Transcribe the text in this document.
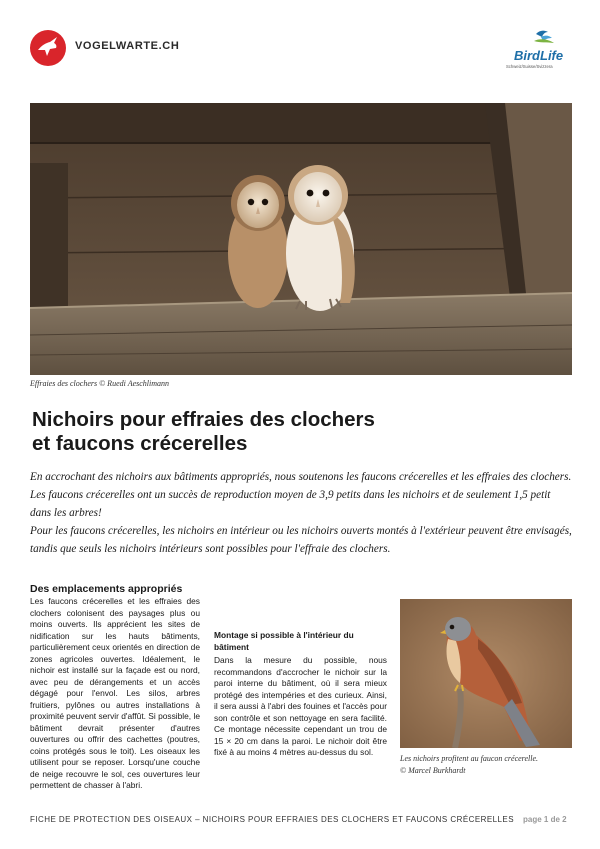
VOGELWARTE.CH
BirdLife
Schweiz/Suisse/Svizzera
Effraies des clochers © Ruedi Aeschlimann
Nichoirs pour effraies des clochers
et faucons crécerelles

En accrochant des nichoirs aux bâtiments appropriés, nous soutenons les faucons crécerelles et les effraies des clochers. Les faucons crécerelles ont un succès de reproduction moyen de 3,9 petits dans les nichoirs et de seulement 1,5 petit dans les arbres!

Pour les faucons crécerelles, les nichoirs en intérieur ou les nichoirs ouverts montés à l'extérieur peuvent être envisagés, tandis que seuls les nichoirs intérieurs sont possibles pour l'effraie des clochers.

Des emplacements appropriés

Les faucons crécerelles et les effraies des clochers colonisent des paysages plus ou moins ouverts. Ils apprécient les sites de nidification sur les hauts bâtiments, particulièrement ceux orientés en direction de zones agricoles ouvertes. Idéalement, le nichoir est installé sur la façade est ou nord, avec peu de dérangements et un accès dégagé pour l'envol. Les silos, arbres fruitiers, pylônes ou autres installations à proximité peuvent servir d'affût. Si possible, le bâtiment devrait présenter d'autres ouvertures ou offrir des cachettes (poutres, coins protégés sous le toit). Les oiseaux les utilisent pour se reposer. Lorsqu'une couche de neige recouvre le sol, ces ouvertures leur permettent de chasser à l'abri.

Montage si possible à l'intérieur du bâtiment

Dans la mesure du possible, nous recommandons d'accrocher le nichoir sur la paroi interne du bâtiment, où il sera mieux protégé des intempéries et des curieux. Ainsi, il sera aussi à l'abri des fouines et l'accès pour son contrôle et son nettoyage en sera facilité. Ce montage nécessite cependant un trou de 15 × 20 cm dans la paroi. Le nichoir doit être fixé à au moins 4 mètres au-dessus du sol.

Les nichoirs profitent au faucon crécerelle.
© Marcel Burkhardt
FICHE DE PROTECTION DES OISEAUX – NICHOIRS POUR EFFRAIES DES CLOCHERS ET FAUCONS CRÉCERELLES page 1 de 2
